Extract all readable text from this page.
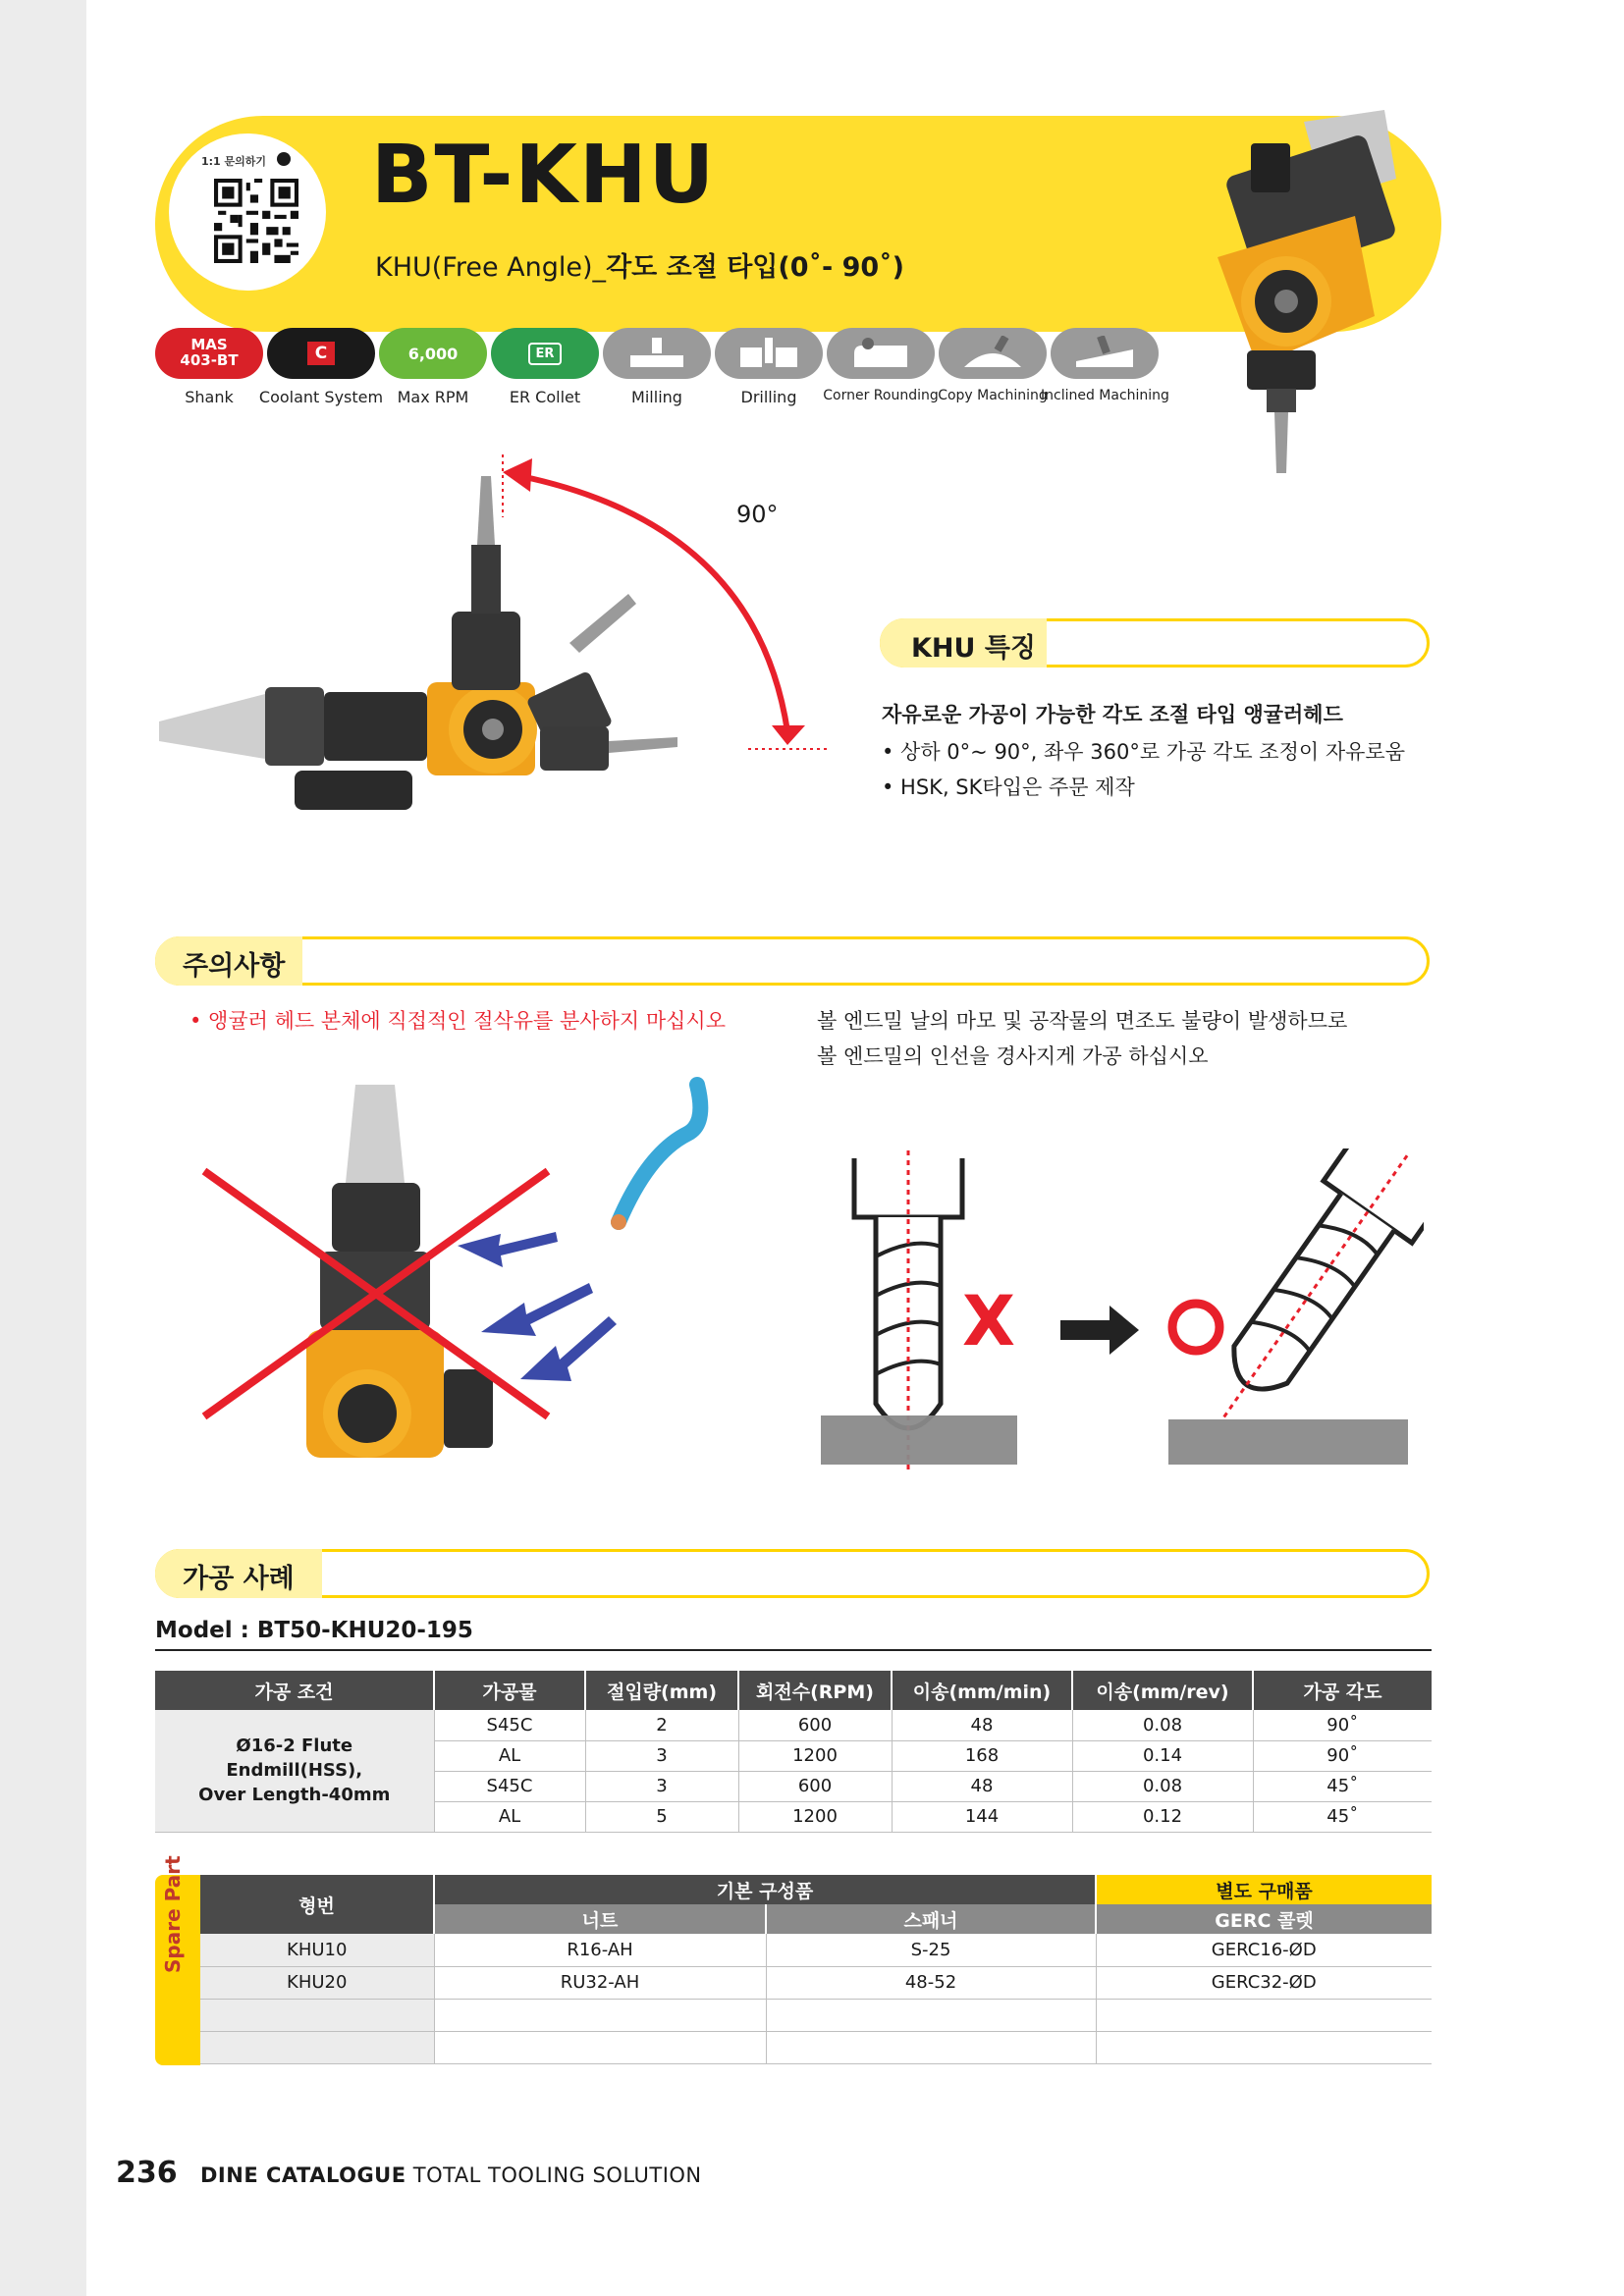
1:1 문의하기 BT-KHU
KHU(Free Angle)_각도 조절 타입(0˚- 90˚)
MAS
403-BT	C	6,000	ER
Shank	Coolant System Max RPM	ER Collet	Milling	Drilling	Corner Rounding Copy Machining
Inclined Machining
90°
KHU 특징
자유로운 가공이 가능한 각도 조절 타입 앵귤러헤드
• 상하 0°~ 90°, 좌우 360°로 가공 각도 조정이 자유로움
• HSK, SK타입은 주문 제작
주의사항
• 앵귤러 헤드 본체에 직접적인 절삭유를 분사하지 마십시오	볼 엔드밀 날의 마모 및 공작물의 면조도 불량이 발생하므로
볼 엔드밀의 인선을 경사지게 가공 하십시오
X
가공 사례
Model : BT50-KHU20-195
가공 조건	가공물	절입량(mm)	회전수(RPM)	이송(mm/min)	이송(mm/rev)	가공 각도

Ø16-2 Flute
Endmill(HSS),
Over Length-40mm	S45C	2	600	48	0.08	90˚
	AL	3	1200	168	0.14	90˚
	S45C	3	600	48	0.08	45˚
	AL	5	1200	144	0.12	45˚
Spare Part	형번	기본 구성품		별도 구매품
	너트	스패너	GERC 콜렛
KHU10	R16-AH	S-25	GERC16-ØD
KHU20	RU32-AH	48-52	GERC32-ØD

236 DINE CATALOGUE TOTAL TOOLING SOLUTION
